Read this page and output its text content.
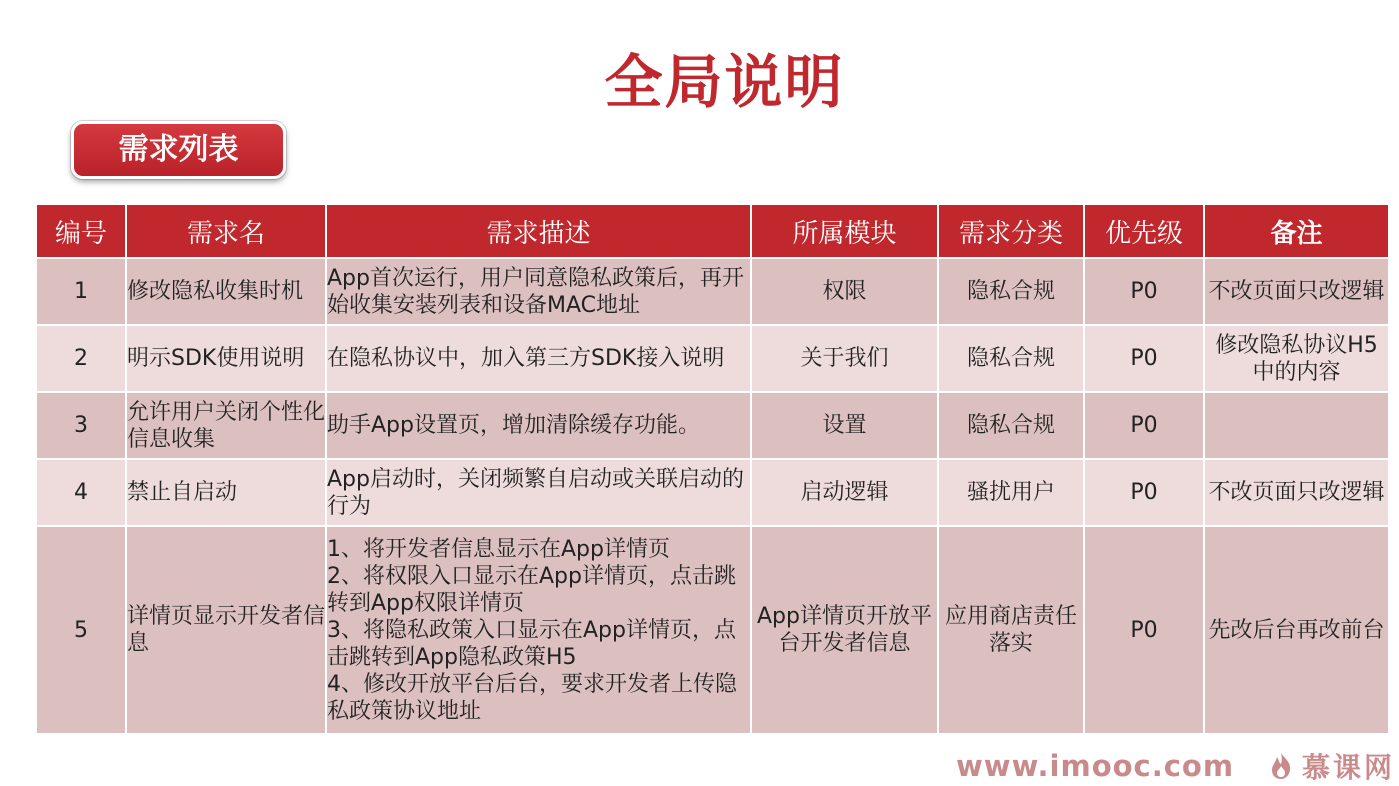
全局说明
需求列表
编号	需求名	需求描述	所属模块	需求分类	优先级	备注
1	修改隐私收集时机	App首次运行，用户同意隐私政策后，再开始收集安装列表和设备MAC地址	权限	隐私合规	P0	不改页面只改逻辑
2	明示SDK使用说明	在隐私协议中，加入第三方SDK接入说明	关于我们	隐私合规	P0	修改隐私协议H5中的内容
3	允许用户关闭个性化信息收集	助手App设置页，增加清除缓存功能。	设置	隐私合规	P0	
4	禁止自启动	App启动时，关闭频繁自启动或关联启动的行为	启动逻辑	骚扰用户	P0	不改页面只改逻辑
5	详情页显示开发者信息	1、将开发者信息显示在App详情页
2、将权限入口显示在App详情页，点击跳转到App权限详情页
3、将隐私政策入口显示在App详情页，点击跳转到App隐私政策H5
4、修改开放平台后台，要求开发者上传隐私政策协议地址	App详情页开放平台开发者信息	应用商店责任落实	P0	先改后台再改前台
www.imooc.com 慕课网
